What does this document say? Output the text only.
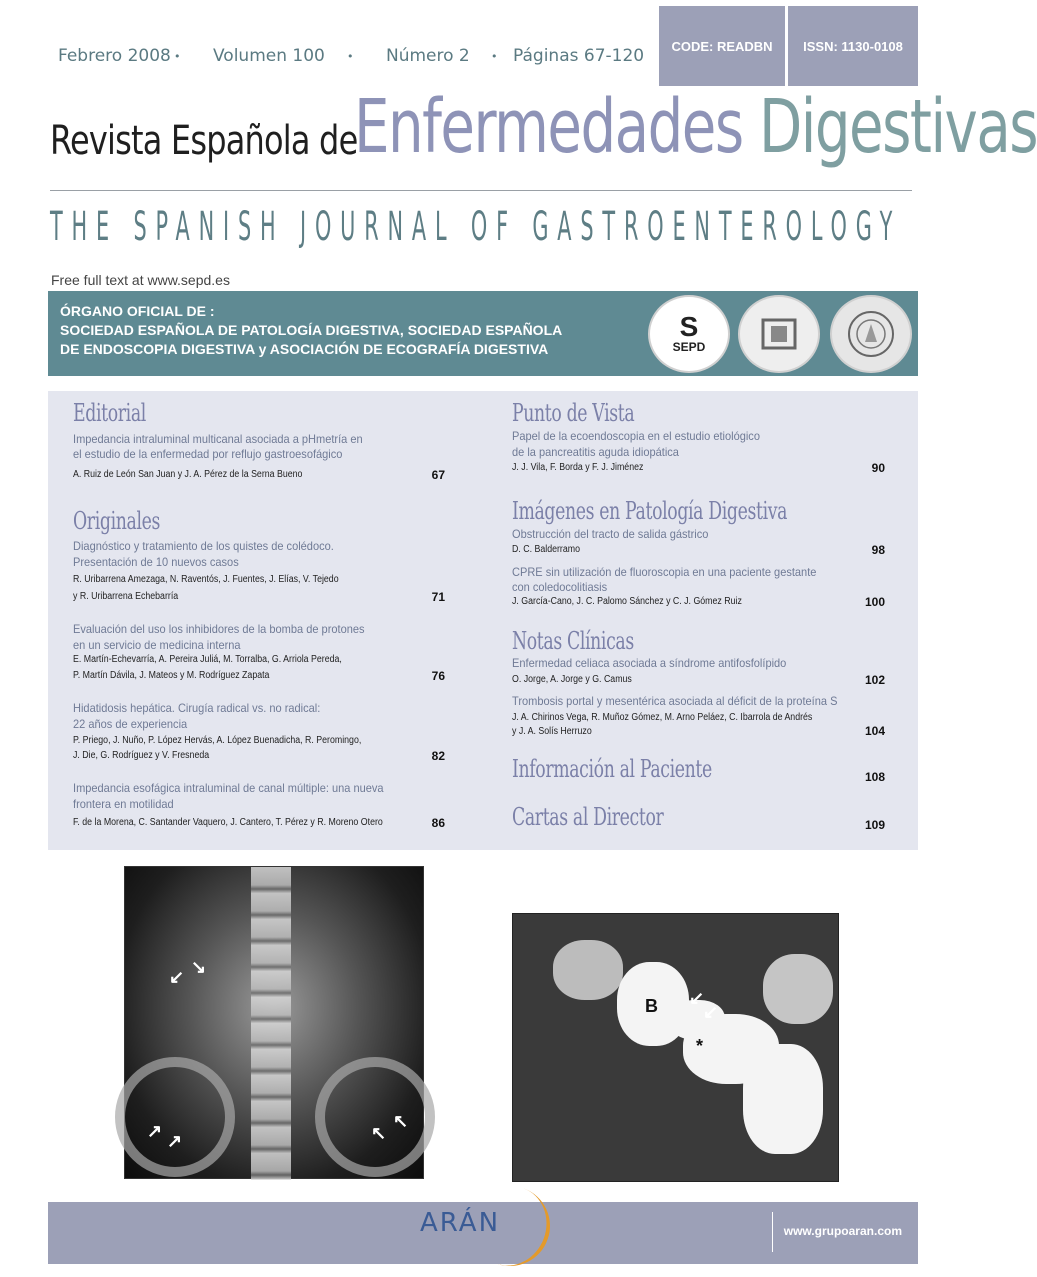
Febrero 2008 • Volumen 100 • Número 2 • Páginas 67-120	CODE: READBN	ISSN: 1130-0108
Revista Española de
Enfermedades Digestivas
THE SPANISH JOURNAL OF GASTROENTEROLOGY
Free full text at www.sepd.es
ÓRGANO OFICIAL DE :
SOCIEDAD ESPAÑOLA DE PATOLOGÍA DIGESTIVA, SOCIEDAD ESPAÑOLA
DE ENDOSCOPIA DIGESTIVA y ASOCIACIÓN DE ECOGRAFÍA DIGESTIVA
S
SEPD
Editorial
Impedancia intraluminal multicanal asociada a pHmetría en
el estudio de la enfermedad por reflujo gastroesofágico
A. Ruiz de León San Juan y J. A. Pérez de la Serna Bueno	67
Originales
Diagnóstico y tratamiento de los quistes de colédoco.
Presentación de 10 nuevos casos
R. Uribarrena Amezaga, N. Raventós, J. Fuentes, J. Elías, V. Tejedo
y R. Uribarrena Echebarría	71
Evaluación del uso los inhibidores de la bomba de protones
en un servicio de medicina interna
E. Martín-Echevarría, A. Pereira Juliá, M. Torralba, G. Arriola Pereda,
P. Martín Dávila, J. Mateos y M. Rodríguez Zapata	76
Hidatidosis hepática. Cirugía radical vs. no radical:
22 años de experiencia
P. Priego, J. Nuño, P. López Hervás, A. López Buenadicha, R. Peromingo,
J. Die, G. Rodríguez y V. Fresneda	82
Impedancia esofágica intraluminal de canal múltiple: una nueva
frontera en motilidad
F. de la Morena, C. Santander Vaquero, J. Cantero, T. Pérez y R. Moreno Otero	86
Punto de Vista
Papel de la ecoendoscopia en el estudio etiológico
de la pancreatitis aguda idiopática
J. J. Vila, F. Borda y F. J. Jiménez	90
Imágenes en Patología Digestiva
Obstrucción del tracto de salida gástrico
D. C. Balderramo	98
CPRE sin utilización de fluoroscopia en una paciente gestante
con coledocolitiasis
J. García-Cano, J. C. Palomo Sánchez y C. J. Gómez Ruiz	100
Notas Clínicas
Enfermedad celiaca asociada a síndrome antifosfolípido
O. Jorge, A. Jorge y G. Camus	102
Trombosis portal y mesentérica asociada al déficit de la proteína S
J. A. Chirinos Vega, R. Muñoz Gómez, M. Arno Peláez, C. Ibarrola de Andrés
y J. A. Solís Herruzo	104
Información al Paciente	108
Cartas al Director	109
↙ ↘
↗ ↗	↖
↖
B
*
↙
↙
www.grupoaran.com
ARÁN
